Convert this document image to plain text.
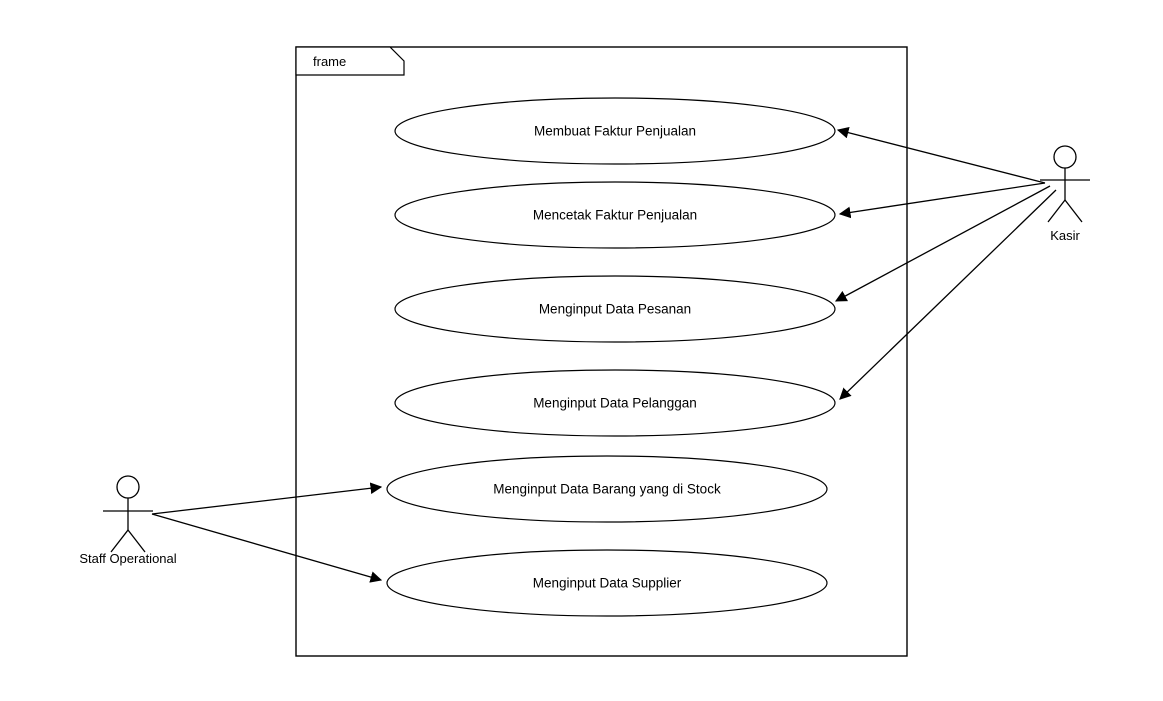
frame
Membuat Faktur Penjualan
Mencetak Faktur Penjualan
Menginput Data Pesanan
Menginput Data Pelanggan
Menginput Data Barang yang di Stock
Menginput Data Supplier
Kasir
Staff Operational
